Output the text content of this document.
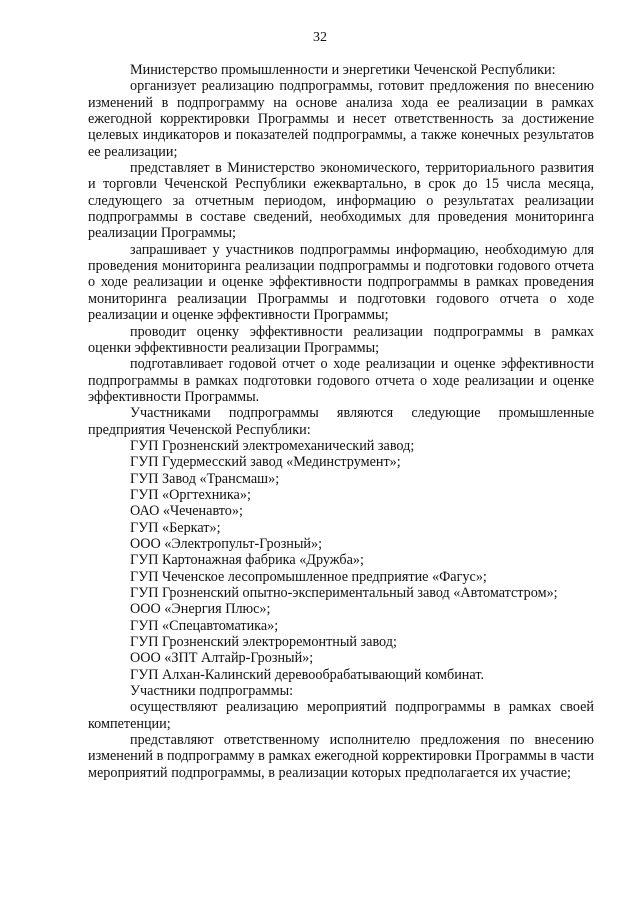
32

Министерство промышленности и энергетики Чеченской Республики:

организует реализацию подпрограммы, готовит предложения по внесению изменений в подпрограмму на основе анализа хода ее реализации в рамках ежегодной корректировки Программы и несет ответственность за достижение целевых индикаторов и показателей подпрограммы, а также конечных результатов ее реализации;

представляет в Министерство экономического, территориального развития и торговли Чеченской Республики ежеквартально, в срок до 15 числа месяца, следующего за отчетным периодом, информацию о результатах реализации подпрограммы в составе сведений, необходимых для проведения мониторинга реализации Программы;

запрашивает у участников подпрограммы информацию, необходимую для проведения мониторинга реализации подпрограммы и подготовки годового отчета о ходе реализации и оценке эффективности подпрограммы в рамках проведения мониторинга реализации Программы и подготовки годового отчета о ходе реализации и оценке эффективности Программы;

проводит оценку эффективности реализации подпрограммы в рамках оценки эффективности реализации Программы;

подготавливает годовой отчет о ходе реализации и оценке эффективности подпрограммы в рамках подготовки годового отчета о ходе реализации и оценке эффективности Программы.

Участниками подпрограммы являются следующие промышленные предприятия Чеченской Республики:

ГУП Грозненский электромеханический завод;

ГУП Гудермесский завод «Мединструмент»;

ГУП Завод «Трансмаш»;

ГУП «Оргтехника»;

ОАО «Чеченавто»;

ГУП «Беркат»;

ООО «Электропульт-Грозный»;

ГУП Картонажная фабрика «Дружба»;

ГУП Чеченское лесопромышленное предприятие «Фагус»;

ГУП Грозненский опытно-экспериментальный завод «Автоматстром»;

ООО «Энергия Плюс»;

ГУП «Спецавтоматика»;

ГУП Грозненский электроремонтный завод;

ООО «ЗПТ Алтайр-Грозный»;

ГУП Алхан-Калинский деревообрабатывающий комбинат.

Участники подпрограммы:

осуществляют реализацию мероприятий подпрограммы в рамках своей компетенции;

представляют ответственному исполнителю предложения по внесению изменений в подпрограмму в рамках ежегодной корректировки Программы в части мероприятий подпрограммы, в реализации которых предполагается их участие;
